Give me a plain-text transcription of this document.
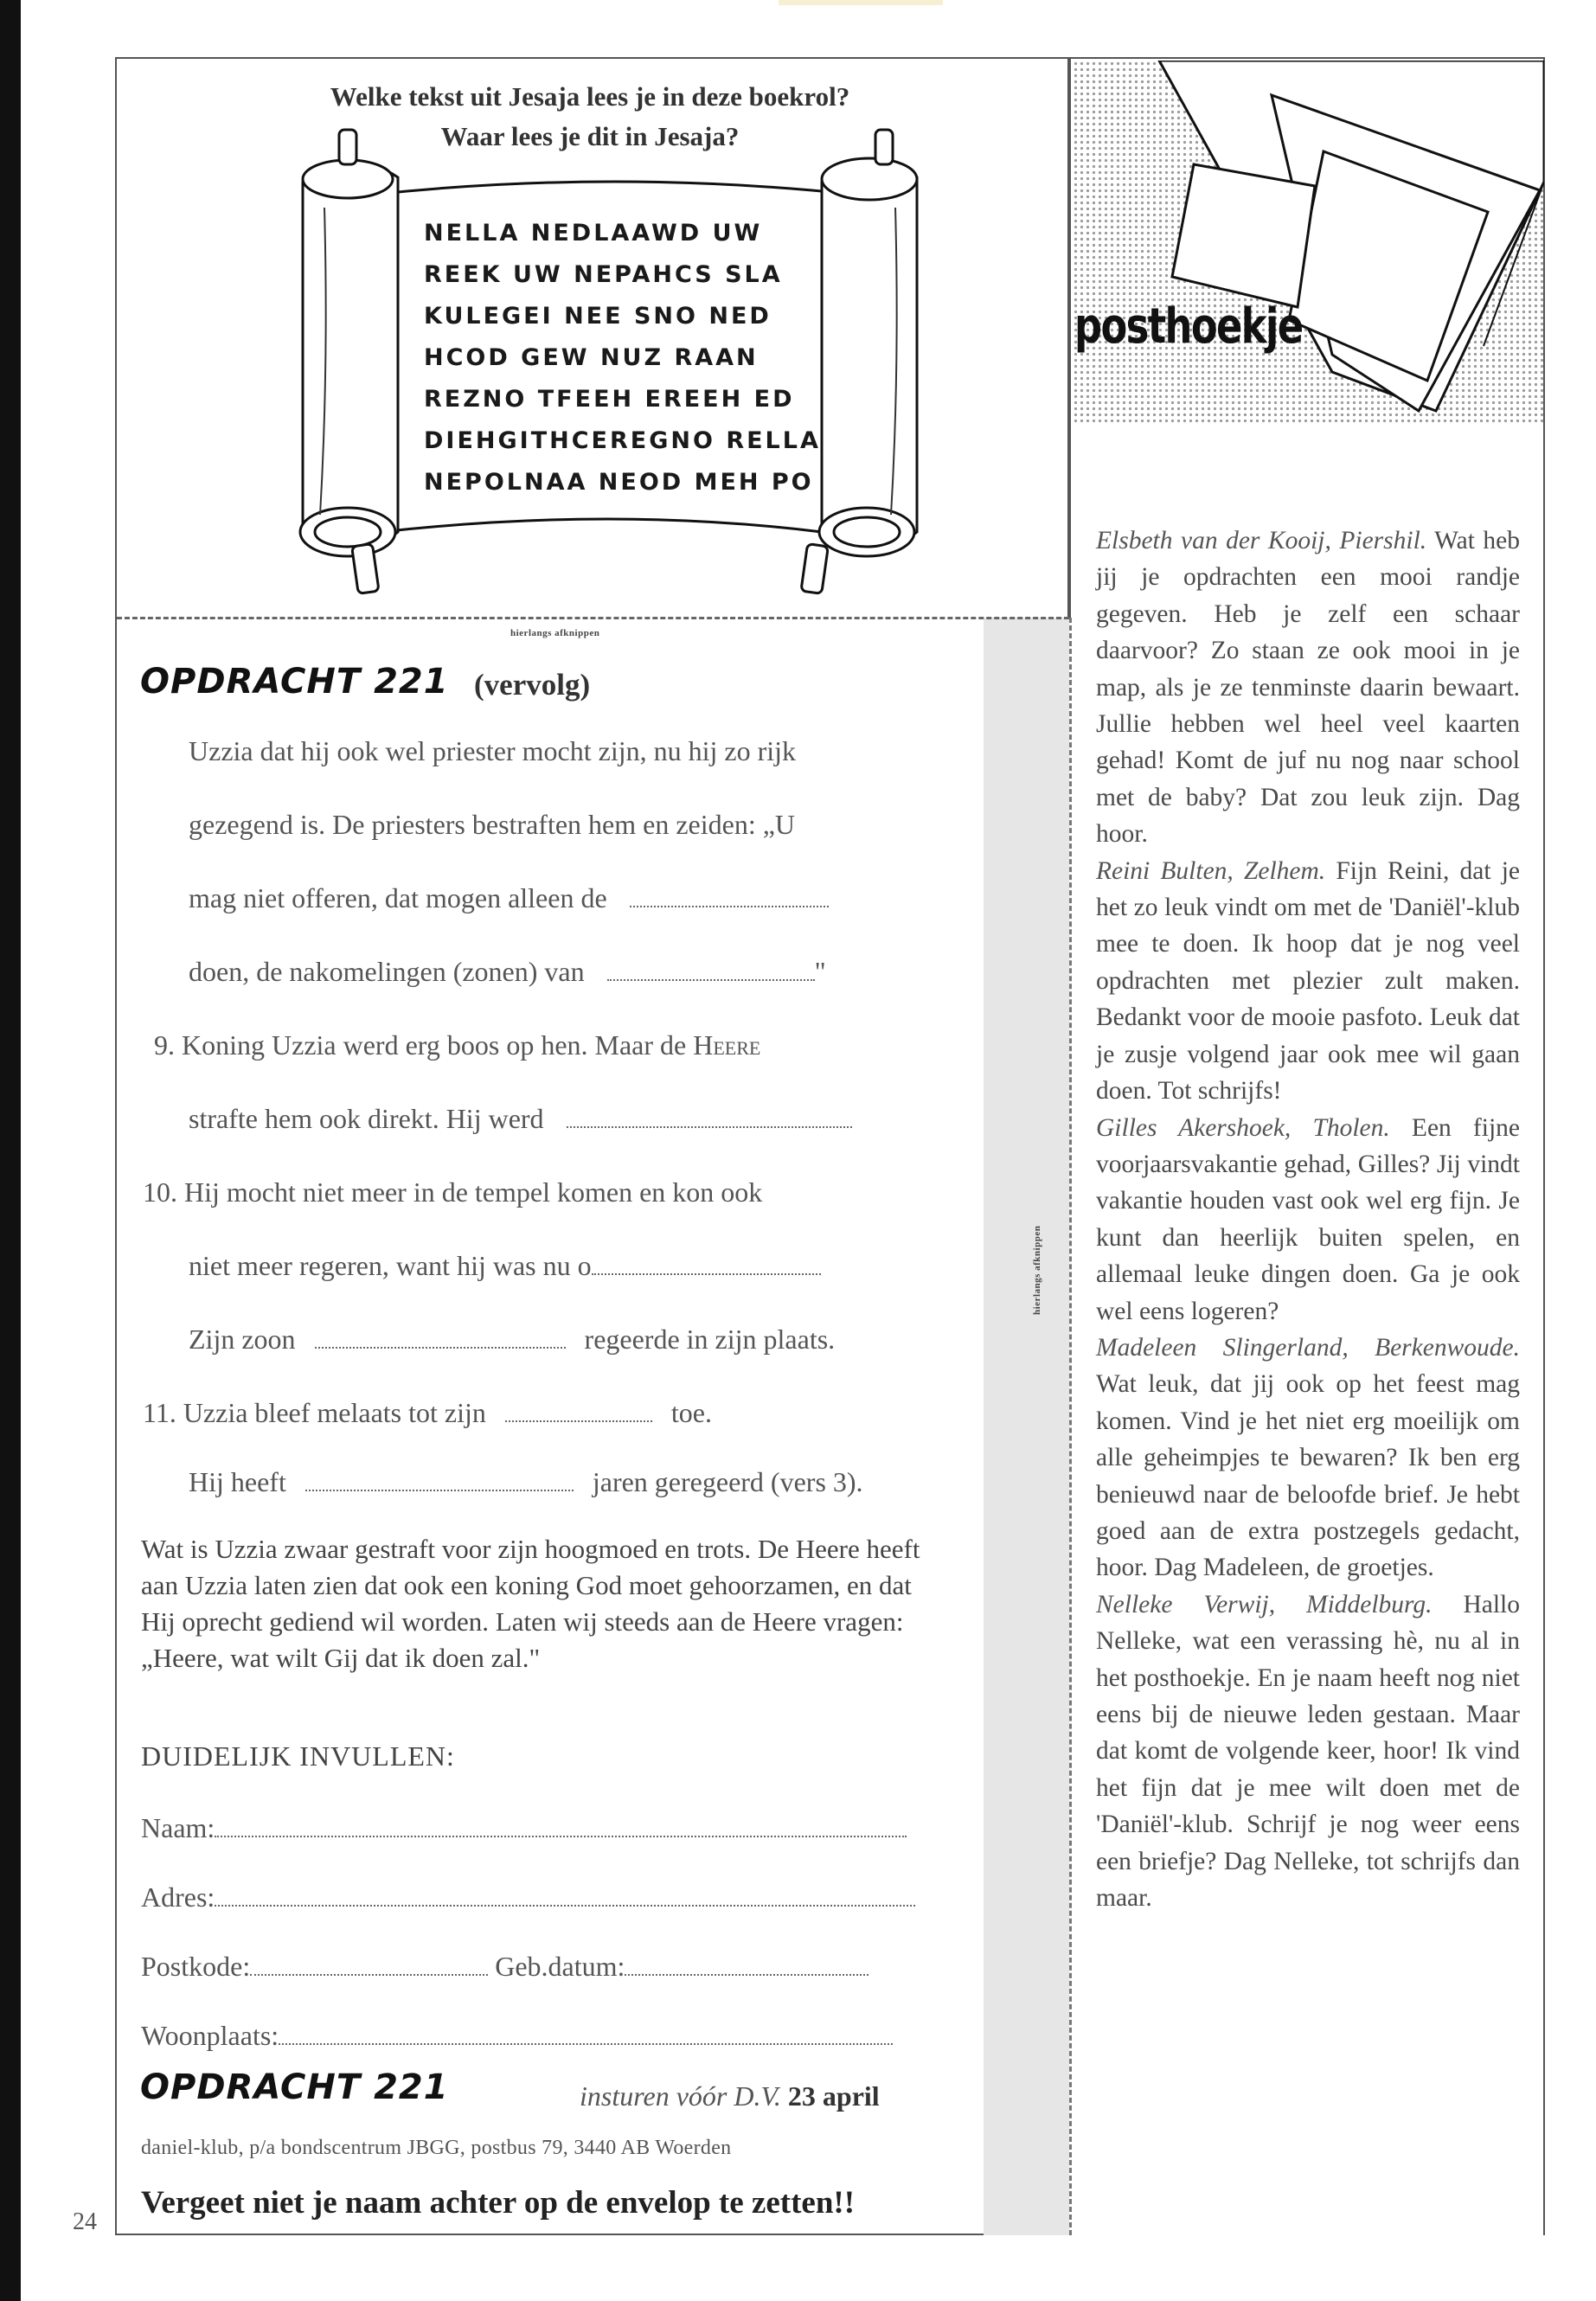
hierlangs afknippen
hierlangs afknippen
Welke tekst uit Jesaja lees je in deze boekrol?
Waar lees je dit in Jesaja?
NELLA NEDLAAWD UW
REEK UW NEPAHCS SLA
KULEGEI NEE SNO NED
HCOD GEW NUZ RAAN
REZNO TFEEH EREEH ED
DIEHGITHCEREGNO RELLA
NEPOLNAA NEOD MEH PO
OPDRACHT 221 (vervolg)
Uzzia dat hij ook wel priester mocht zijn, nu hij zo rijk
gezegend is. De priesters bestraften hem en zeiden: „U
mag niet offeren, dat mogen alleen de
doen, de nakomelingen (zonen) van	"
9. Koning Uzzia werd erg boos op hen. Maar de Heere
strafte hem ook direkt. Hij werd
10. Hij mocht niet meer in de tempel komen en kon ook
niet meer regeren, want hij was nu o
Zijn zoon	regeerde in zijn plaats.
11. Uzzia bleef melaats tot zijn	toe.
Hij heeft	jaren geregeerd (vers 3).
Wat is Uzzia zwaar gestraft voor zijn hoogmoed en trots. De Heere heeft aan Uzzia laten zien dat ook een koning God moet gehoorzamen, en dat Hij oprecht gediend wil worden. Laten wij steeds aan de Heere vragen: „Heere, wat wilt Gij dat ik doen zal."
DUIDELIJK INVULLEN:
Naam:
Adres:
Postkode:	Geb.datum:
Woonplaats:
OPDRACHT 221	insturen vóór D.V. 23 april
daniel-klub, p/a bondscentrum JBGG, postbus 79, 3440 AB Woerden
Vergeet niet je naam achter op de envelop te zetten!!
24
posthoekje

Elsbeth van der Kooij, Piershil. Wat heb jij je opdrachten een mooi randje gegeven. Heb je zelf een schaar daarvoor? Zo staan ze ook mooi in je map, als je ze tenminste daarin bewaart. Jullie hebben wel heel veel kaarten gehad! Komt de juf nu nog naar school met de baby? Dat zou leuk zijn. Dag hoor.

Reini Bulten, Zelhem. Fijn Reini, dat je het zo leuk vindt om met de 'Daniël'-klub mee te doen. Ik hoop dat je nog veel opdrachten met plezier zult maken. Bedankt voor de mooie pasfoto. Leuk dat je zusje volgend jaar ook mee wil gaan doen. Tot schrijfs!

Gilles Akershoek, Tholen. Een fijne voorjaarsvakantie gehad, Gilles? Jij vindt vakantie houden vast ook wel erg fijn. Je kunt dan heerlijk buiten spelen, en allemaal leuke dingen doen. Ga je ook wel eens logeren?

Madeleen Slingerland, Berkenwoude. Wat leuk, dat jij ook op het feest mag komen. Vind je het niet erg moeilijk om alle geheimpjes te bewaren? Ik ben erg benieuwd naar de beloofde brief. Je hebt goed aan de extra postzegels gedacht, hoor. Dag Madeleen, de groetjes.

Nelleke Verwij, Middelburg. Hallo Nelleke, wat een verassing hè, nu al in het posthoekje. En je naam heeft nog niet eens bij de nieuwe leden gestaan. Maar dat komt de volgende keer, hoor! Ik vind het fijn dat je mee wilt doen met de 'Daniël'-klub. Schrijf je nog weer eens een briefje? Dag Nelleke, tot schrijfs dan maar.
